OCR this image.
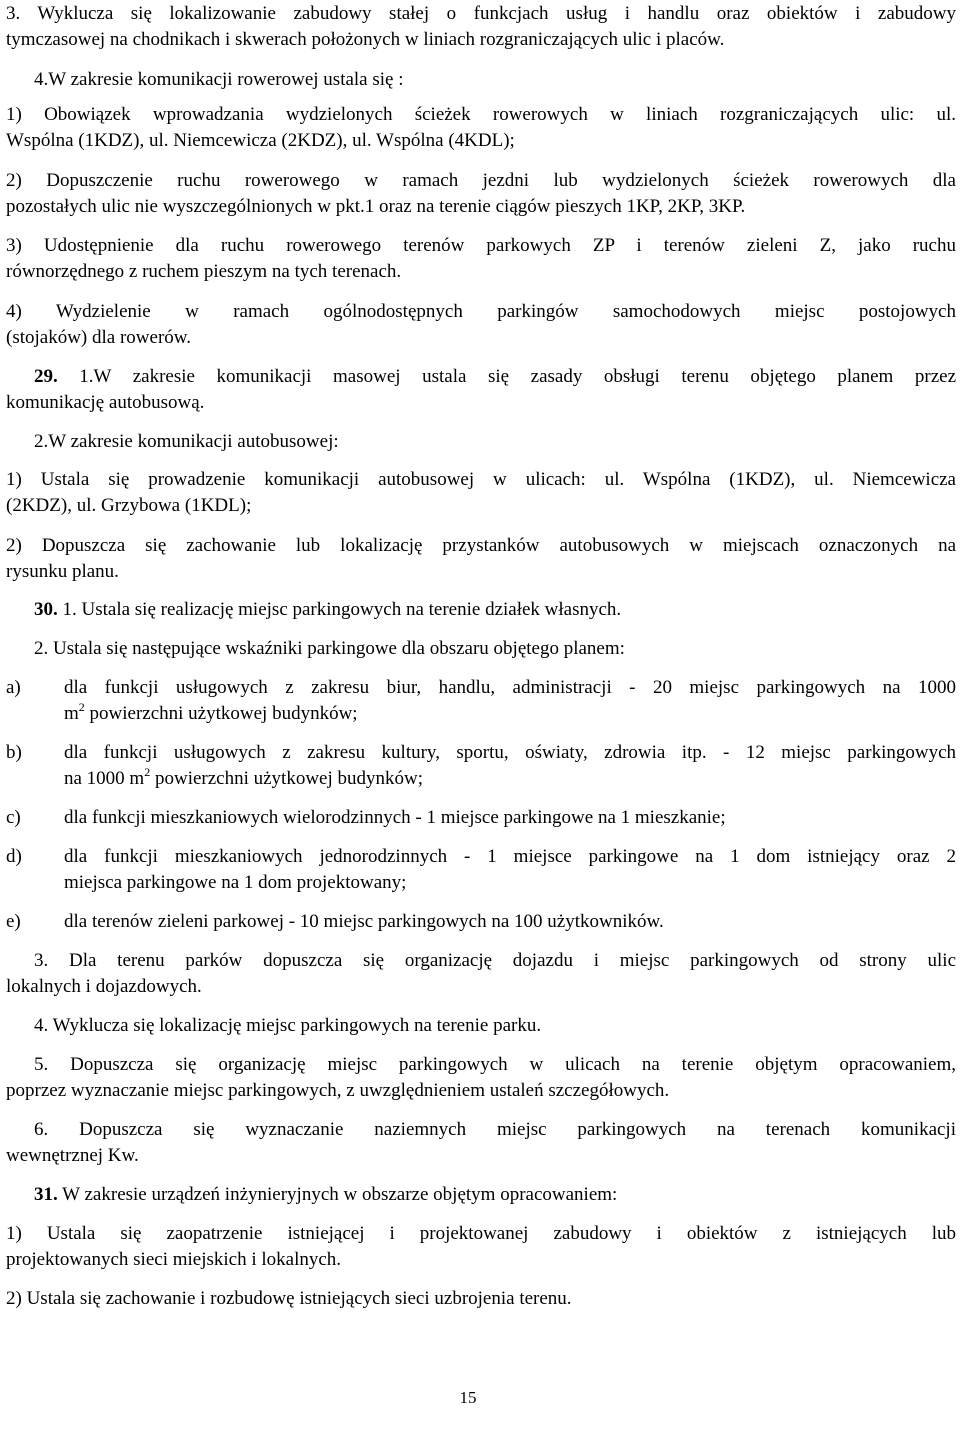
3. Wyklucza się lokalizowanie zabudowy stałej o funkcjach usług i handlu oraz obiektów i zabudowy
tymczasowej na chodnikach i skwerach położonych w liniach rozgraniczających ulic i placów.
4.W zakresie komunikacji rowerowej ustala się :
1) Obowiązek wprowadzania wydzielonych ścieżek rowerowych w liniach rozgraniczających ulic: ul.
Wspólna (1KDZ), ul. Niemcewicza (2KDZ), ul. Wspólna (4KDL);
2) Dopuszczenie ruchu rowerowego w ramach jezdni lub wydzielonych ścieżek rowerowych dla
pozostałych ulic nie wyszczególnionych w pkt.1 oraz na terenie ciągów pieszych 1KP, 2KP, 3KP.
3) Udostępnienie dla ruchu rowerowego terenów parkowych ZP i terenów zieleni Z, jako ruchu
równorzędnego z ruchem pieszym na tych terenach.
4) Wydzielenie w ramach ogólnodostępnych parkingów samochodowych miejsc postojowych
(stojaków) dla rowerów.
29. 1.W zakresie komunikacji masowej ustala się zasady obsługi terenu objętego planem przez
komunikację autobusową.
2.W zakresie komunikacji autobusowej:
1) Ustala się prowadzenie komunikacji autobusowej w ulicach: ul. Wspólna (1KDZ), ul. Niemcewicza
(2KDZ), ul. Grzybowa (1KDL);
2) Dopuszcza się zachowanie lub lokalizację przystanków autobusowych w miejscach oznaczonych na
rysunku planu.
30. 1. Ustala się realizację miejsc parkingowych na terenie działek własnych.
2. Ustala się następujące wskaźniki parkingowe dla obszaru objętego planem:
a) dla funkcji usługowych z zakresu biur, handlu, administracji - 20 miejsc parkingowych na 1000
$m^2$ powierzchni użytkowej budynków;
b) dla funkcji usługowych z zakresu kultury, sportu, oświaty, zdrowia itp. - 12 miejsc parkingowych
na 1000 $m^2$ powierzchni użytkowej budynków;
c) dla funkcji mieszkaniowych wielorodzinnych - 1 miejsce parkingowe na 1 mieszkanie;
d) dla funkcji mieszkaniowych jednorodzinnych - 1 miejsce parkingowe na 1 dom istniejący oraz 2
miejsca parkingowe na 1 dom projektowany;
e) dla terenów zieleni parkowej - 10 miejsc parkingowych na 100 użytkowników.
3. Dla terenu parków dopuszcza się organizację dojazdu i miejsc parkingowych od strony ulic
lokalnych i dojazdowych.
4. Wyklucza się lokalizację miejsc parkingowych na terenie parku.
5. Dopuszcza się organizację miejsc parkingowych w ulicach na terenie objętym opracowaniem,
poprzez wyznaczanie miejsc parkingowych, z uwzględnieniem ustaleń szczegółowych.
6. Dopuszcza się wyznaczanie naziemnych miejsc parkingowych na terenach komunikacji
wewnętrznej Kw.
31. W zakresie urządzeń inżynieryjnych w obszarze objętym opracowaniem:
1) Ustala się zaopatrzenie istniejącej i projektowanej zabudowy i obiektów z istniejących lub
projektowanych sieci miejskich i lokalnych.
2) Ustala się zachowanie i rozbudowę istniejących sieci uzbrojenia terenu.
15
